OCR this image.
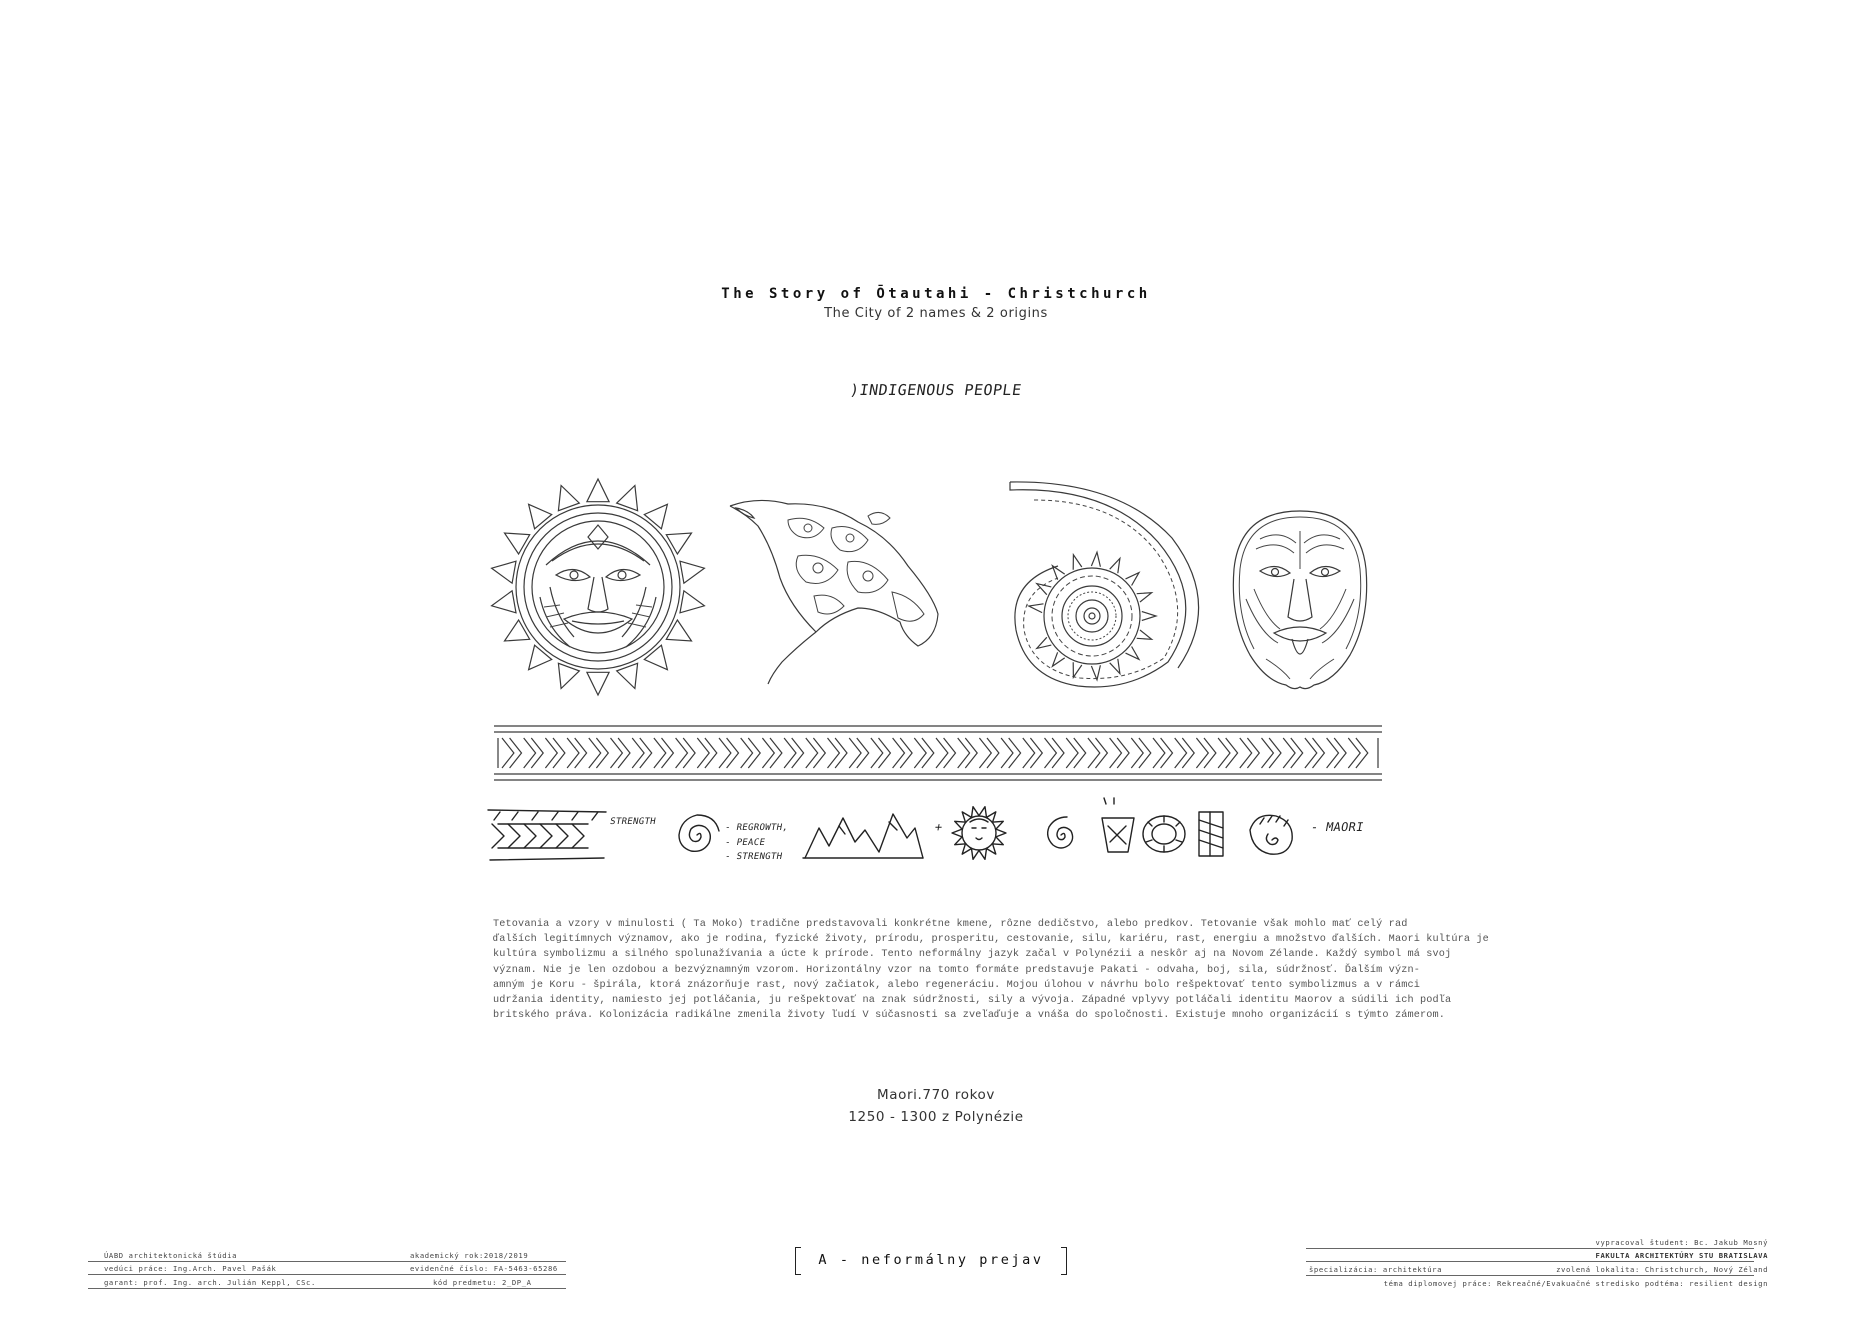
The Story of Ōtautahi - Christchurch
The City of 2 names & 2 origins
)INDIGENOUS PEOPLE
STRENGTH
- REGROWTH,
- PEACE
- STRENGTH
+	- MAORI
Tetovania a vzory v minulosti ( Ta Moko) tradične predstavovali konkrétne kmene, rôzne dedičstvo, alebo predkov. Tetovanie však mohlo mať celý rad
ďalších legitímnych významov, ako je rodina, fyzické životy, prírodu, prosperitu, cestovanie, silu, kariéru, rast, energiu a množstvo ďalších. Maori kultúra je
kultúra symbolizmu a silného spolunažívania a úcte k prírode. Tento neformálny jazyk začal v Polynézii a neskôr aj na Novom Zélande. Každý symbol má svoj
význam. Nie je len ozdobou a bezvýznamným vzorom. Horizontálny vzor na tomto formáte predstavuje Pakati - odvaha, boj, sila, súdržnosť. Ďalším význ-
amným je Koru - špirála, ktorá znázorňuje rast, nový začiatok, alebo regeneráciu. Mojou úlohou v návrhu bolo rešpektovať tento symbolizmus a v rámci
udržania identity, namiesto jej potláčania, ju rešpektovať na znak súdržnosti, sily a vývoja. Západné vplyvy potláčali identitu Maorov a súdili ich podľa
britského práva. Kolonizácia radikálne zmenila životy ľudí V súčasnosti sa zveľaďuje a vnáša do spoločnosti. Existuje mnoho organizácií s týmto zámerom.
Maori.770 rokov
1250 - 1300 z Polynézie
A - neformálny prejav
ÚABD architektonická štúdia	akademický rok:2018/2019
vedúci práce: Ing.Arch. Pavel Pašák	evidenčné číslo: FA-5463-65286
garant: prof. Ing. arch. Julián Keppl, CSc.	kód predmetu: 2_DP_A
vypracoval študent: Bc. Jakub Mosný
FAKULTA ARCHITEKTÚRY STU BRATISLAVA
špecializácia: architektúra	zvolená lokalita: Christchurch, Nový Zéland
téma diplomovej práce: Rekreačné/Evakuačné stredisko podtéma: resilient design
